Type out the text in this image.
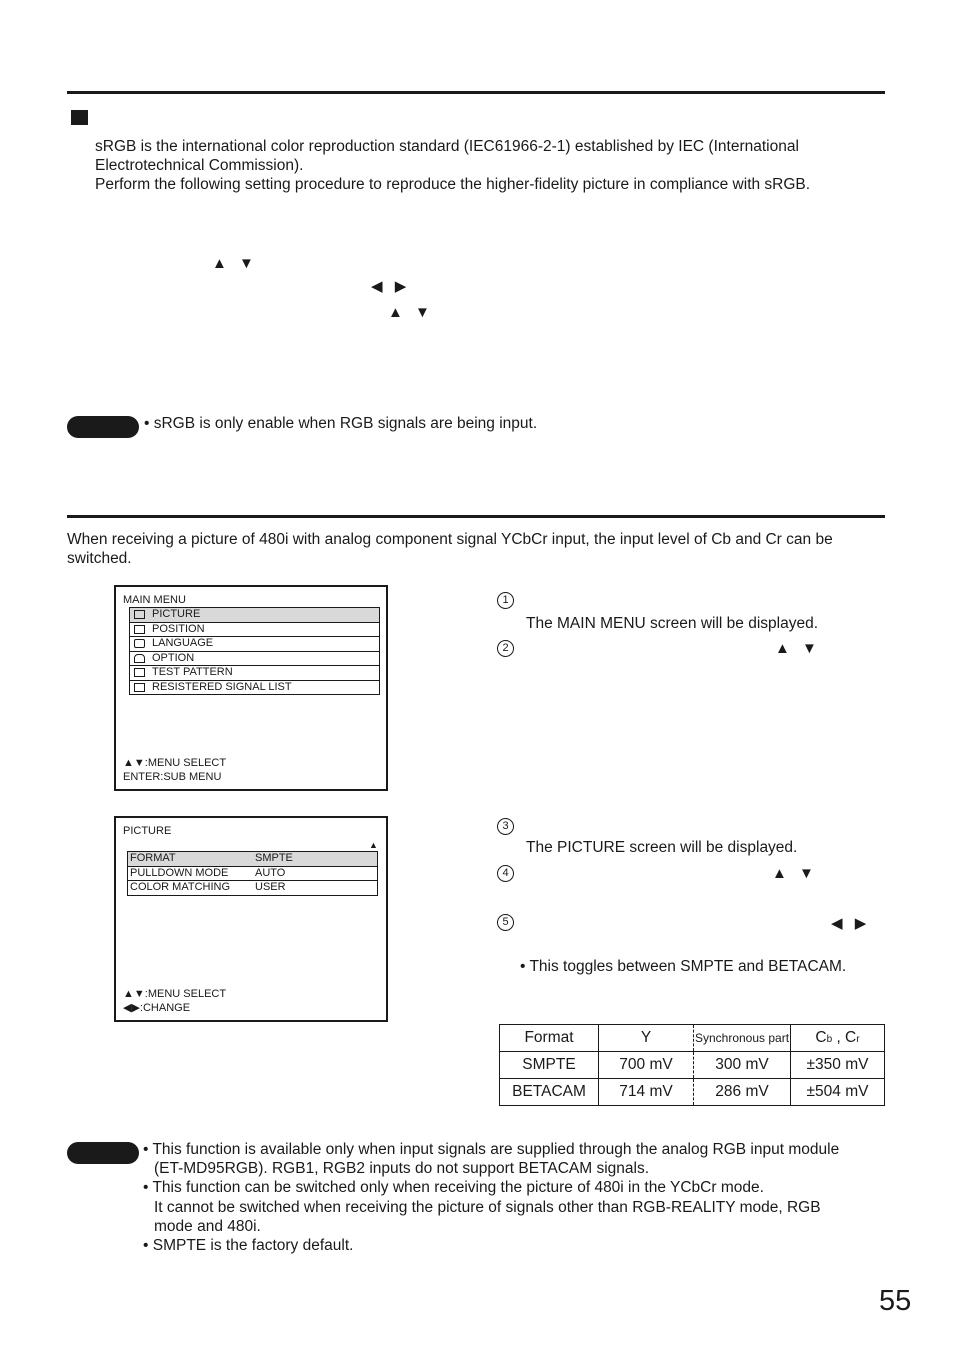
sRGB is the international color reproduction standard (IEC61966-2-1) established by IEC (International
Electrotechnical Commission).
Perform the following setting procedure to reproduce the higher-fidelity picture in compliance with sRGB.
▲ ▼
◀ ▶
▲ ▼
• sRGB is only enable when RGB signals are being input.
When receiving a picture of 480i with analog component signal YCbCr input, the input level of Cb and Cr can be
switched.
MAIN MENU
PICTURE
POSITION
LANGUAGE
OPTION
TEST PATTERN
RESISTERED SIGNAL LIST
▲▼:MENU SELECT
ENTER:SUB MENU
PICTURE
▲
FORMAT	SMPTE
PULLDOWN MODE AUTO
COLOR MATCHING USER
▲▼:MENU SELECT
◀▶:CHANGE
1
The MAIN MENU screen will be displayed.
2	▲ ▼
3
The PICTURE screen will be displayed.
4	▲ ▼
5	◀ ▶
• This toggles between SMPTE and BETACAM.
Format	Y	Synchronous part	Cb , Cr
SMPTE	700 mV	300 mV	±350 mV
BETACAM	714 mV	286 mV	±504 mV
• This function is available only when input signals are supplied through the analog RGB input module
(ET-MD95RGB). RGB1, RGB2 inputs do not support BETACAM signals.
• This function can be switched only when receiving the picture of 480i in the YCbCr mode.
It cannot be switched when receiving the picture of signals other than RGB-REALITY mode, RGB
mode and 480i.
• SMPTE is the factory default.
55
